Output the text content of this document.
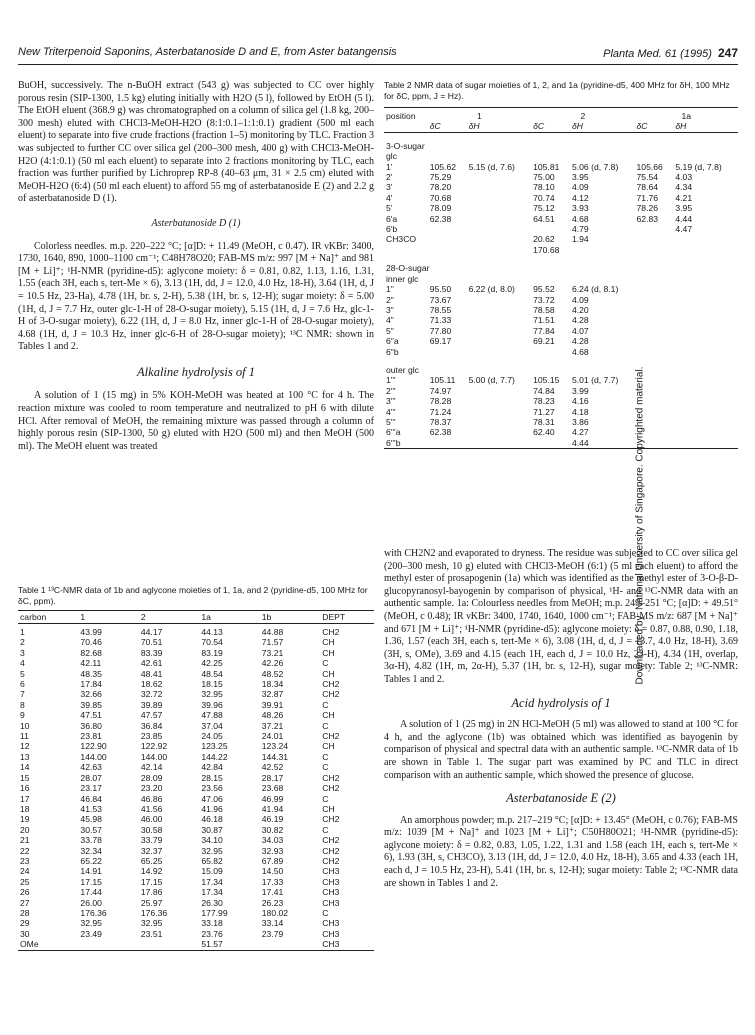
New Triterpenoid Saponins, Asterbatanoside D and E, from Aster batangensis	Planta Med. 61 (1995) 247
Downloaded by: National University of Singapore. Copyrighted material.

BuOH, successively. The n-BuOH extract (543 g) was subjected to CC over highly porous resin (SIP-1300, 1.5 kg) eluting initially with H2O (5 l), followed by EtOH (5 l). The EtOH eluent (368.9 g) was chromatographed on a column of silica gel (1.8 kg, 200–300 mesh) eluted with CHCl3-MeOH-H2O (8:1:0.1–1:1:0.1) gradient (500 ml each eluent) to separate into five crude fractions (fraction 1–5) monitoring by TLC. Fraction 3 was subjected to further CC over silica gel (200–300 mesh, 400 g) with CHCl3-MeOH-H2O (4:1:0.1) (50 ml each eluent) to separate into 2 fractions monitoring by TLC, each fraction was further purified by Lichroprep RP-8 (40–63 μm, 31 × 2.5 cm) eluted with MeOH-H2O (6:4) (50 ml each eluent) to afford 55 mg of asterbatanoside E (2) and 2.2 g of asterbatanoside D (1).

Asterbatanoside D (1)

Colorless needles. m.p. 220–222 °C; [α]D: + 11.49 (MeOH, c 0.47). IR νKBr: 3400, 1730, 1640, 890, 1000–1100 cm⁻¹; C48H78O20; FAB-MS m/z: 997 [M + Na]⁺ and 981 [M + Li]⁺; ¹H-NMR (pyridine-d5): aglycone moiety: δ = 0.81, 0.82, 1.13, 1.16, 1.31, 1.55 (each 3H, each s, tert-Me × 6), 3.13 (1H, dd, J = 12.0, 4.0 Hz, 18-H), 3.64 (1H, d, J = 10.5 Hz, 23-Ha), 4.78 (1H, br. s, 2-H), 5.38 (1H, br. s, 12-H); sugar moiety: δ = 5.00 (1H, d, J = 7.7 Hz, outer glc-1-H of 28-O-sugar moiety), 5.15 (1H, d, J = 7.6 Hz, glc-1-H of 3-O-sugar moiety), 6.22 (1H, d, J = 8.0 Hz, inner glc-1-H of 28-O-sugar moiety), 4.68 (1H, d, J = 10.3 Hz, inner glc-6-H of 28-O-sugar moiety); ¹³C NMR: shown in Tables 1 and 2.

Alkaline hydrolysis of 1

A solution of 1 (15 mg) in 5% KOH-MeOH was heated at 100 °C for 4 h. The reaction mixture was cooled to room temperature and neutralized to pH 6 with dilute HCl. After removal of MeOH, the remaining mixture was passed through a column of highly porous resin (SIP-1300, 50 g) eluted with H2O (500 ml) and then MeOH (500 ml). The MeOH eluent was treated

Table 1 ¹³C-NMR data of 1b and aglycone moieties of 1, 1a, and 2 (pyridine-d5, 100 MHz for δC, ppm).
carbon	1	2	1a	1b	DEPT
1	43.99	44.17	44.13	44.88	CH2
2	70.46	70.51	70.54	71.57	CH
3	82.68	83.39	83.19	73.21	CH
4	42.11	42.61	42.25	42.26	C
5	48.35	48.41	48.54	48.52	CH
6	17.84	18.62	18.15	18.34	CH2
7	32.66	32.72	32.95	32.87	CH2
8	39.85	39.89	39.96	39.91	C
9	47.51	47.57	47.88	48.26	CH
10	36.80	36.84	37.04	37.21	C
11	23.81	23.85	24.05	24.01	CH2
12	122.90	122.92	123.25	123.24	CH
13	144.00	144.00	144.22	144.31	C
14	42.63	42.14	42.84	42.52	C
15	28.07	28.09	28.15	28.17	CH2
16	23.17	23.20	23.56	23.68	CH2
17	46.84	46.86	47.06	46.99	C
18	41.53	41.56	41.96	41.94	CH
19	45.98	46.00	46.18	46.19	CH2
20	30.57	30.58	30.87	30.82	C
21	33.78	33.79	34.10	34.03	CH2
22	32.34	32.37	32.95	32.93	CH2
23	65.22	65.25	65.82	67.89	CH2
24	14.91	14.92	15.09	14.50	CH3
25	17.15	17.15	17.34	17.33	CH3
26	17.44	17.86	17.34	17.41	CH3
27	26.00	25.97	26.30	26.23	CH3
28	176.36	176.36	177.99	180.02	C
29	32.95	32.95	33.18	33.14	CH3
30	23.49	23.51	23.76	23.79	CH3
OMe			51.57		CH3
Table 2 NMR data of sugar moieties of 1, 2, and 1a (pyridine-d5, 400 MHz for δH, 100 MHz for δC, ppm, J = Hz).
position	1		2		1a	
	δC	δH	δC	δH	δC	δH
3-O-sugar						
glc						
1'	105.62	5.15 (d, 7.6)	105.81	5.06 (d, 7.8)	105.66	5.19 (d, 7.8)
2'	75.29		75.00	3.95	75.54	4.03
3'	78.20		78.10	4.09	78.64	4.34
4'	70.68		70.74	4.12	71.76	4.21
5'	78.09		75.12	3.93	78.26	3.95
6'a	62.38		64.51	4.68	62.83	4.44
6'b				4.79		4.47
CH3CO			20.62	1.94		
			170.68			
28-O-sugar						
inner glc						
1"	95.50	6.22 (d, 8.0)	95.52	6.24 (d, 8.1)		
2"	73.67		73.72	4.09		
3"	78.55		78.58	4.20		
4"	71.33		71.51	4.28		
5"	77.80		77.84	4.07		
6"a	69.17		69.21	4.28		
6"b				4.68		
outer glc						
1'''	105.11	5.00 (d, 7.7)	105.15	5.01 (d, 7.7)		
2'''	74.97		74.84	3.99		
3'''	78.28		78.23	4.16		
4'''	71.24		71.27	4.18		
5'''	78.37		78.31	3.86		
6'''a	62.38		62.40	4.27		
6'''b				4.44		

with CH2N2 and evaporated to dryness. The residue was subjected to CC over silica gel (200–300 mesh, 10 g) eluted with CHCl3-MeOH (6:1) (5 ml each eluent) to afford the methyl ester of prosapogenin (1a) which was identified as the methyl ester of 3-O-β-D-glucopyranosyl-bayogenin by comparison of physical, ¹H- and ¹³C-NMR data with an authentic sample. 1a: Colourless needles from MeOH; m.p. 249–251 °C; [α]D: + 49.51° (MeOH, c 0.48); IR νKBr: 3400, 1740, 1640, 1000 cm⁻¹; FAB-MS m/z: 687 [M + Na]⁺ and 671 [M + Li]⁺; ¹H-NMR (pyridine-d5): aglycone moiety: δ = 0.87, 0.88, 0.90, 1.18, 1.36, 1.57 (each 3H, each s, tert-Me × 6), 3.08 (1H, d, d, J = 13.7, 4.0 Hz, 18-H), 3.69 (3H, s, OMe), 3.69 and 4.15 (each 1H, each d, J = 10.0 Hz, 23-H), 4.34 (1H, overlap, 3α-H), 4.82 (1H, m, 2α-H), 5.37 (1H, br. s, 12-H), sugar moiety: Table 2; ¹³C-NMR: Tables 1 and 2.

Acid hydrolysis of 1

A solution of 1 (25 mg) in 2N HCl-MeOH (5 ml) was allowed to stand at 100 °C for 4 h, and the aglycone (1b) was obtained which was identified as bayogenin by comparison of physical and spectral data with an authentic sample. ¹³C-NMR data of 1b are shown in Table 1. The sugar part was examined by PC and TLC in direct comparison with an authentic sample, which showed the presence of glucose.

Asterbatanoside E (2)

An amorphous powder; m.p. 217–219 °C; [α]D: + 13.45° (MeOH, c 0.76); FAB-MS m/z: 1039 [M + Na]⁺ and 1023 [M + Li]⁺; C50H80O21; ¹H-NMR (pyridine-d5): aglycone moiety: δ = 0.82, 0.83, 1.05, 1.22, 1.31 and 1.58 (each 1H, each s, tert-Me × 6), 1.93 (3H, s, CH3CO), 3.13 (1H, dd, J = 12.0, 4.0 Hz, 18-H), 3.65 and 4.33 (each 1H, each d, J = 10.5 Hz, 23-H), 5.41 (1H, br. s, 12-H); sugar moiety: Table 2; ¹³C-NMR data are shown in Tables 1 and 2.
